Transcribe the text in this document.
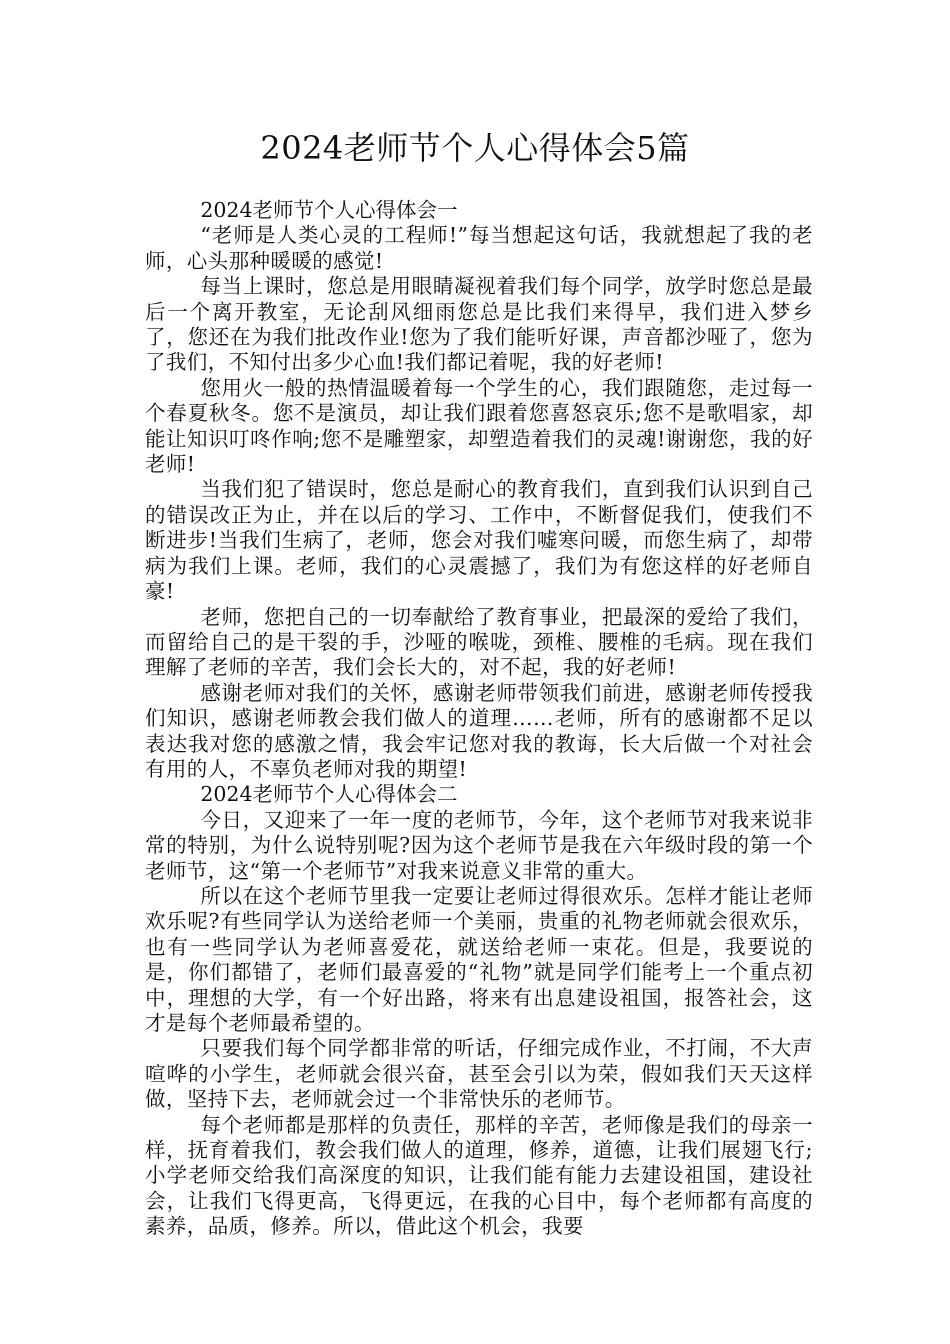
2024老师节个人心得体会5篇

2024老师节个人心得体会一

“老师是人类心灵的工程师!”每当想起这句话，我就想起了我的老师，心头那种暖暖的感觉!

每当上课时，您总是用眼睛凝视着我们每个同学，放学时您总是最后一个离开教室，无论刮风细雨您总是比我们来得早，我们进入梦乡了，您还在为我们批改作业!您为了我们能听好课，声音都沙哑了，您为了我们，不知付出多少心血!我们都记着呢，我的好老师!

您用火一般的热情温暖着每一个学生的心，我们跟随您，走过每一个春夏秋冬。您不是演员，却让我们跟着您喜怒哀乐;您不是歌唱家，却能让知识叮咚作响;您不是雕塑家，却塑造着我们的灵魂!谢谢您，我的好老师!

当我们犯了错误时，您总是耐心的教育我们，直到我们认识到自己的错误改正为止，并在以后的学习、工作中，不断督促我们，使我们不断进步!当我们生病了，老师，您会对我们嘘寒问暖，而您生病了，却带病为我们上课。老师，我们的心灵震撼了，我们为有您这样的好老师自豪!

老师，您把自己的一切奉献给了教育事业，把最深的爱给了我们，而留给自己的是干裂的手，沙哑的喉咙，颈椎、腰椎的毛病。现在我们理解了老师的辛苦，我们会长大的，对不起，我的好老师!

感谢老师对我们的关怀，感谢老师带领我们前进，感谢老师传授我们知识，感谢老师教会我们做人的道理……老师，所有的感谢都不足以表达我对您的感激之情，我会牢记您对我的教诲，长大后做一个对社会有用的人，不辜负老师对我的期望!

2024老师节个人心得体会二

今日，又迎来了一年一度的老师节，今年，这个老师节对我来说非常的特别，为什么说特别呢?因为这个老师节是我在六年级时段的第一个老师节，这“第一个老师节”对我来说意义非常的重大。

所以在这个老师节里我一定要让老师过得很欢乐。怎样才能让老师欢乐呢?有些同学认为送给老师一个美丽，贵重的礼物老师就会很欢乐，也有一些同学认为老师喜爱花，就送给老师一束花。但是，我要说的是，你们都错了，老师们最喜爱的“礼物”就是同学们能考上一个重点初中，理想的大学，有一个好出路，将来有出息建设祖国，报答社会，这才是每个老师最希望的。

只要我们每个同学都非常的听话，仔细完成作业，不打闹，不大声喧哗的小学生，老师就会很兴奋，甚至会引以为荣，假如我们天天这样做，坚持下去，老师就会过一个非常快乐的老师节。

每个老师都是那样的负责任，那样的辛苦，老师像是我们的母亲一样，抚育着我们，教会我们做人的道理，修养，道德，让我们展翅飞行;小学老师交给我们高深度的知识，让我们能有能力去建设祖国，建设社会，让我们飞得更高，飞得更远，在我的心目中，每个老师都有高度的素养，品质，修养。所以，借此这个机会，我要
